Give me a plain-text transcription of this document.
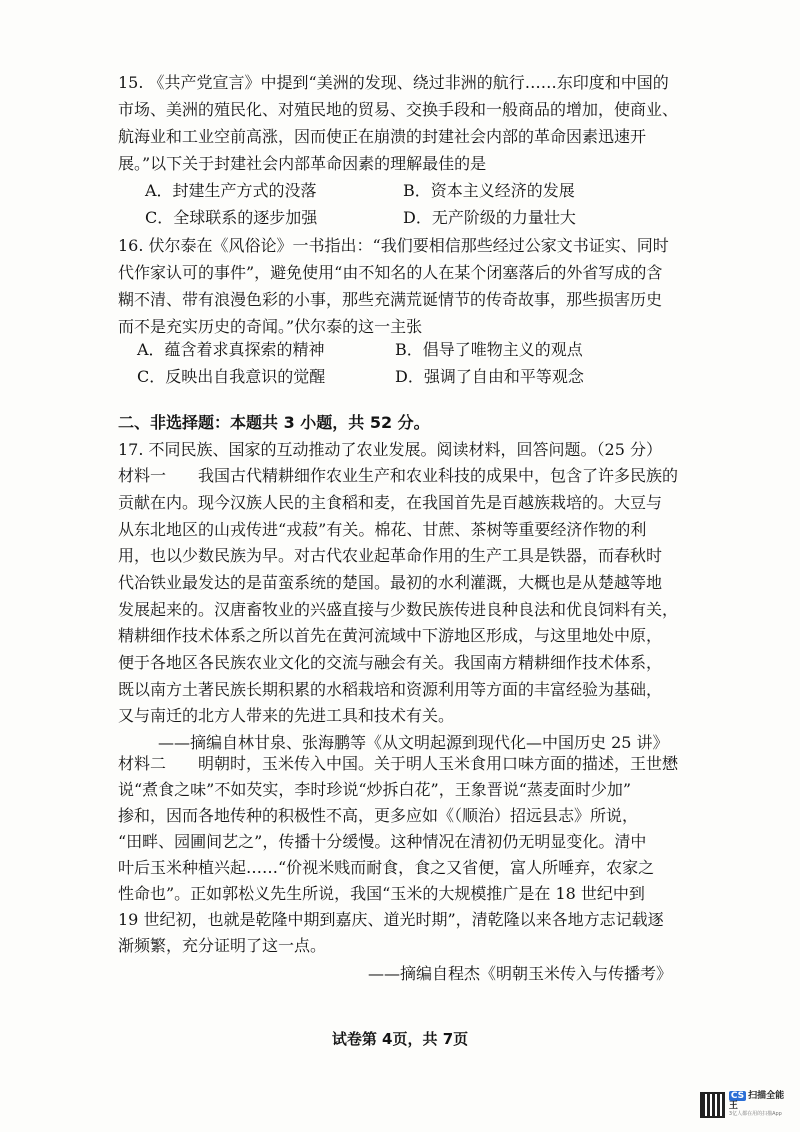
15. 《共产党宣言》中提到“美洲的发现、绕过非洲的航行……东印度和中国的
市场、美洲的殖民化、对殖民地的贸易、交换手段和一般商品的增加，使商业、
航海业和工业空前高涨，因而使正在崩溃的封建社会内部的革命因素迅速开
展。”以下关于封建社会内部革命因素的理解最佳的是
A．封建生产方式的没落	B．资本主义经济的发展
C．全球联系的逐步加强	D．无产阶级的力量壮大
16. 伏尔泰在《风俗论》一书指出：“我们要相信那些经过公家文书证实、同时
代作家认可的事件”，避免使用“由不知名的人在某个闭塞落后的外省写成的含
糊不清、带有浪漫色彩的小事，那些充满荒诞情节的传奇故事，那些损害历史
而不是充实历史的奇闻。”伏尔泰的这一主张
A．蕴含着求真探索的精神	B．倡导了唯物主义的观点
C．反映出自我意识的觉醒	D．强调了自由和平等观念
二、非选择题：本题共 3 小题，共 52 分。
17. 不同民族、国家的互动推动了农业发展。阅读材料，回答问题。（25 分）
材料一　　我国古代精耕细作农业生产和农业科技的成果中，包含了许多民族的
贡献在内。现今汉族人民的主食稻和麦，在我国首先是百越族栽培的。大豆与
从东北地区的山戎传进“戎菽”有关。棉花、甘蔗、茶树等重要经济作物的利
用，也以少数民族为早。对古代农业起革命作用的生产工具是铁器，而春秋时
代冶铁业最发达的是苗蛮系统的楚国。最初的水利灌溉，大概也是从楚越等地
发展起来的。汉唐畜牧业的兴盛直接与少数民族传进良种良法和优良饲料有关，
精耕细作技术体系之所以首先在黄河流域中下游地区形成，与这里地处中原，
便于各地区各民族农业文化的交流与融会有关。我国南方精耕细作技术体系，
既以南方土著民族长期积累的水稻栽培和资源利用等方面的丰富经验为基础，
又与南迁的北方人带来的先进工具和技术有关。
——摘编自林甘泉、张海鹏等《从文明起源到现代化—中国历史 25 讲》
材料二　　明朝时，玉米传入中国。关于明人玉米食用口味方面的描述，王世懋
说“煮食之味”不如芡实，李时珍说“炒拆白花”，王象晋说“蒸麦面时少加”
掺和，因而各地传种的积极性不高，更多应如《（顺治）招远县志》所说，
“田畔、园圃间艺之”，传播十分缓慢。这种情况在清初仍无明显变化。清中
叶后玉米种植兴起……“价视米贱而耐食，食之又省便，富人所唾弃，农家之
性命也”。正如郭松义先生所说，我国“玉米的大规模推广是在 18 世纪中到
19 世纪初，也就是乾隆中期到嘉庆、道光时期”，清乾隆以来各地方志记载逐
渐频繁，充分证明了这一点。
——摘编自程杰《明朝玉米传入与传播考》
试卷第 4页，共 7页
CS 扫描全能王
3亿人都在用的扫描App
